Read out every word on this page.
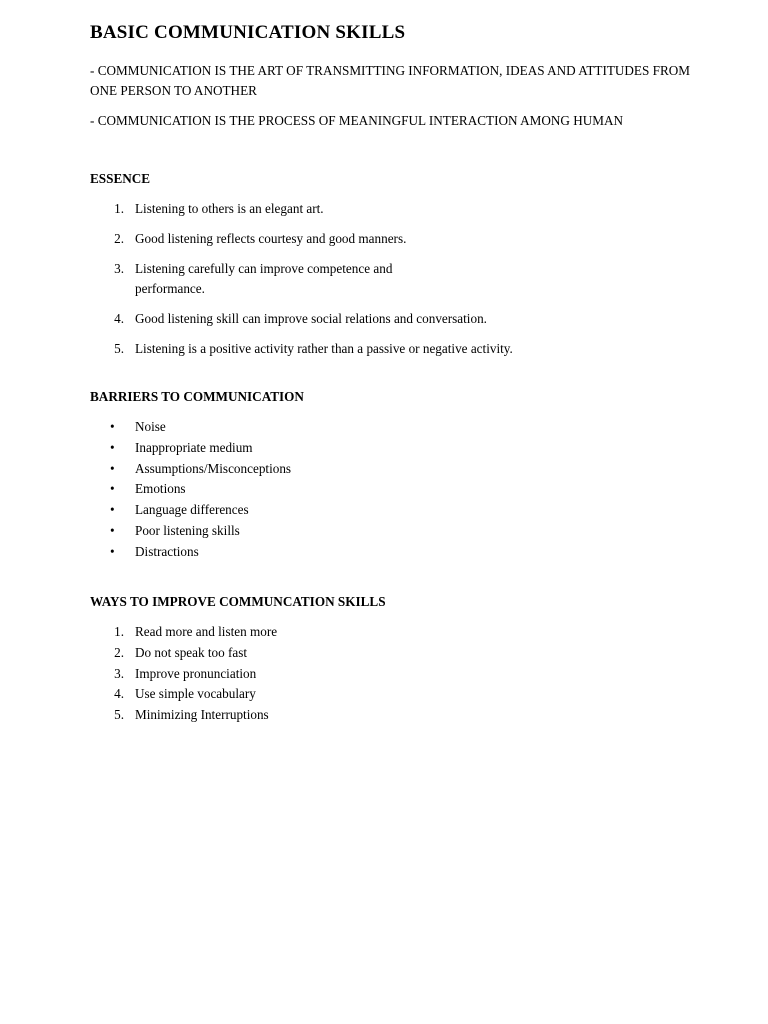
BASIC COMMUNICATION SKILLS

- COMMUNICATION IS THE ART OF TRANSMITTING INFORMATION, IDEAS AND ATTITUDES FROM ONE PERSON TO ANOTHER

- COMMUNICATION IS THE PROCESS OF MEANINGFUL INTERACTION AMONG HUMAN

ESSENCE
1. Listening to others is an elegant art.
2. Good listening reflects courtesy and good manners.
3. Listening carefully can improve competence and performance.
4. Good listening skill can improve social relations and conversation.
5. Listening is a positive activity rather than a passive or negative activity.
BARRIERS TO COMMUNICATION
• Noise
• Inappropriate medium
• Assumptions/Misconceptions
• Emotions
• Language differences
• Poor listening skills
• Distractions
WAYS TO IMPROVE COMMUNCATION SKILLS
1. Read more and listen more
2. Do not speak too fast
3. Improve pronunciation
4. Use simple vocabulary
5. Minimizing Interruptions
